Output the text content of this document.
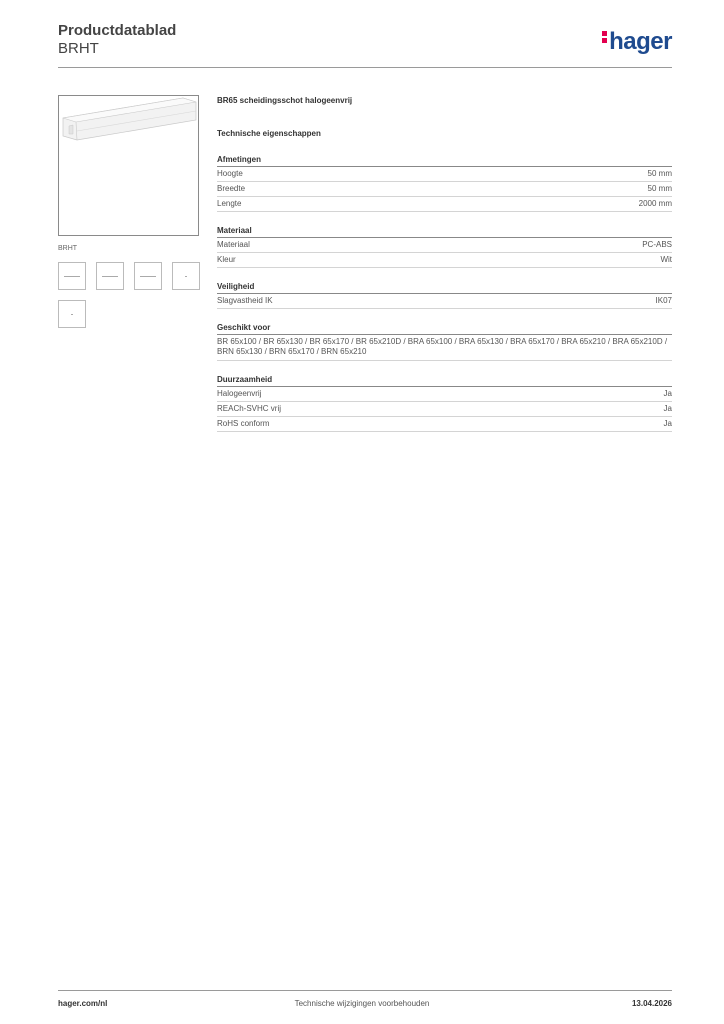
Productdatablad
BRHT	hager
BRHT
BR65 scheidingsschot halogeenvrij
Technische eigenschappen
Afmetingen
Hoogte	50 mm
Breedte	50 mm
Lengte	2000 mm
Materiaal
Materiaal	PC-ABS
Kleur	Wit
Veiligheid
Slagvastheid IK	IK07
Geschikt voor
BR 65x100 / BR 65x130 / BR 65x170 / BR 65x210D / BRA 65x100 / BRA 65x130 / BRA 65x170 / BRA 65x210 / BRA 65x210D / BRN 65x130 / BRN 65x170 / BRN 65x210
Duurzaamheid
Halogeenvrij	Ja
REACh-SVHC vrij	Ja
RoHS conform	Ja
hager.com/nl	Technische wijzigingen voorbehouden	13.04.2026
